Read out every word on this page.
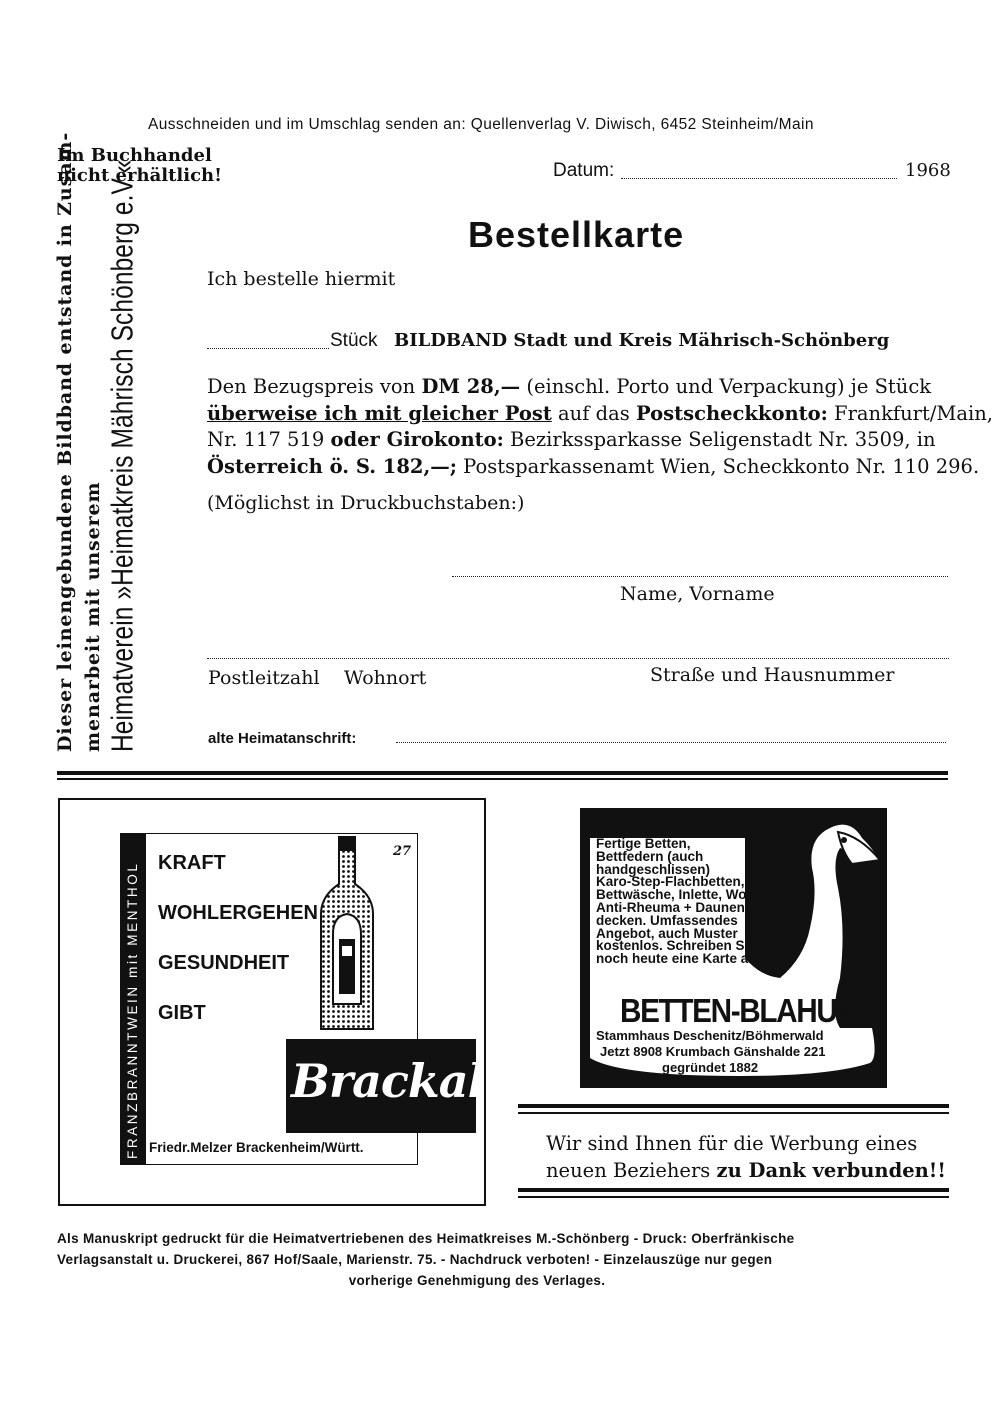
Ausschneiden und im Umschlag senden an: Quellenverlag V. Diwisch, 6452 Steinheim/Main
Im Buchhandel
nicht erhältlich!	Datum:	1968
Dieser leinengebundene Bildband entstand in Zusam- menarbeit mit unserem Heimatverein »Heimatkreis Mährisch Schönberg e.V.«	Bestellkarte
Ich bestelle hiermit
Stück BILDBAND Stadt und Kreis Mährisch-Schönberg
Den Bezugspreis von DM 28,— (einschl. Porto und Verpackung) je Stück
überweise ich mit gleicher Post auf das Postscheckkonto: Frankfurt/Main,
Nr. 117 519 oder Girokonto: Bezirkssparkasse Seligenstadt Nr. 3509, in
Österreich ö. S. 182,—; Postsparkassenamt Wien, Scheckkonto Nr. 110 296.
(Möglichst in Druckbuchstaben:)
Name, Vorname
Postleitzahl Wohnort	Straße und Hausnummer
alte Heimatanschrift:
FRANZBRANNTWEIN mit MENTHOL KRAFT
WOHLERGEHEN
GESUNDHEIT
GIBT
27
Brackal
Friedr.Melzer Brackenheim/Württ.
Fertige Betten,
Bettfedern (auch
handgeschlissen)
Karo-Step-Flachbetten,
Bettwäsche, Inlette, Woll-
Anti-Rheuma + Daunen-
decken. Umfassendes
Angebot, auch Muster
kostenlos. Schreiben Sie
noch heute eine Karte an
BETTEN-BLAHUT
Stammhaus Deschenitz/Böhmerwald
Jetzt 8908 Krumbach Gänshalde 221
gegründet 1882
Wir sind Ihnen für die Werbung eines
neuen Beziehers zu Dank verbunden!!
Als Manuskript gedruckt für die Heimatvertriebenen des Heimatkreises M.-Schönberg - Druck: Oberfränkische
Verlagsanstalt u. Druckerei, 867 Hof/Saale, Marienstr. 75. - Nachdruck verboten! - Einzelauszüge nur gegen
vorherige Genehmigung des Verlages.
